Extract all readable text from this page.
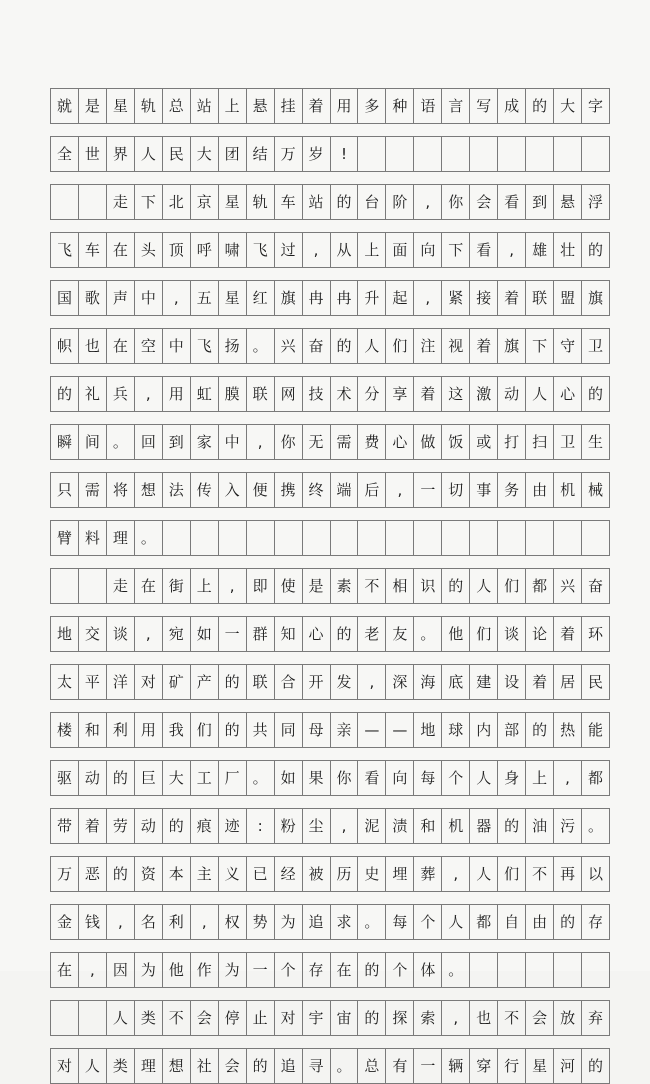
就 是 星 轨 总 站 上 悬 挂 着 用 多 种 语 言 写 成 的 大 字
全 世 界 人 民 大 团 结 万 岁	!
走 下 北 京 星 轨 车 站 的 台 阶	,	你 会 看 到 悬 浮
飞 车 在 头 顶 呼 啸 飞 过	,	从 上 面 向 下 看	,	雄 壮 的
国 歌 声 中	,	五 星 红 旗 冉 冉 升 起	,	紧 接 着 联 盟 旗
帜 也 在 空 中 飞 扬 。 兴 奋 的 人 们 注 视 着 旗 下 守 卫
的 礼 兵	,	用 虹 膜 联 网 技 术 分 享 着 这 激 动 人 心 的
瞬 间 。 回 到 家 中	,	你 无 需 费 心 做 饭 或 打 扫 卫 生
只 需 将 想 法 传 入 便 携 终 端 后	,	一 切 事 务 由 机 械
臂 料 理 。
走 在 街 上	,	即 使 是 素 不 相 识 的 人 们 都 兴 奋
地 交 谈	,	宛 如 一 群 知 心 的 老 友 。 他 们 谈 论 着 环
太 平 洋 对 矿 产 的 联 合 开 发	,	深 海 底 建 设 着 居 民
楼 和 利 用 我 们 的 共 同 母 亲 — — 地 球 内 部 的 热 能
驱 动 的 巨 大 工 厂 。 如 果 你 看 向 每 个 人 身 上	,	都
带 着 劳 动 的 痕 迹	:	粉 尘	,	泥 渍 和 机 器 的 油 污 。
万 恶 的 资 本 主 义 已 经 被 历 史 埋 葬	,	人 们 不 再 以
金 钱	,	名 利	,	权 势 为 追 求 。 每 个 人 都 自 由 的 存
在	,	因 为 他 作 为 一 个 存 在 的 个 体 。
人 类 不 会 停 止 对 宇 宙 的 探 索	,	也 不 会 放 弃
对 人 类 理 想 社 会 的 追 寻 。 总 有 一 辆 穿 行 星 河 的
